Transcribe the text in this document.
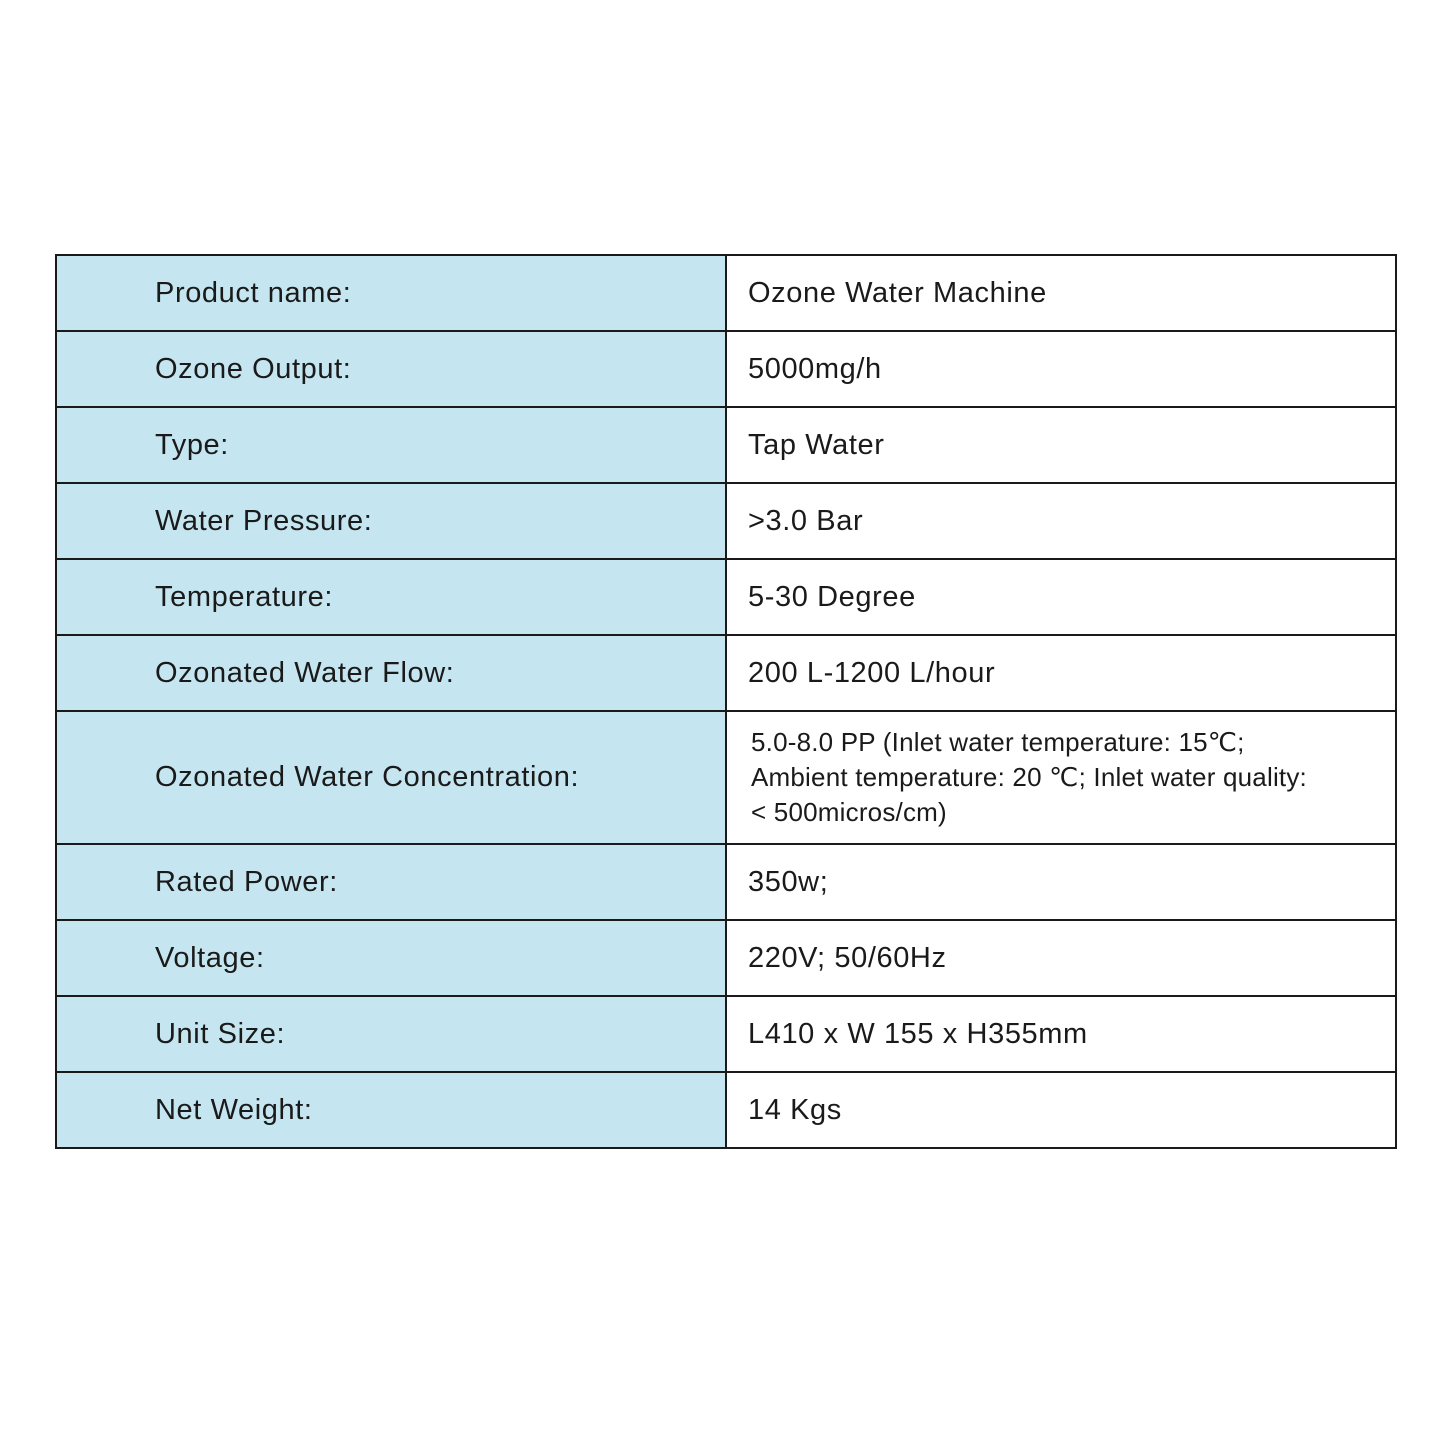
Product name:	Ozone Water Machine
Ozone Output:	5000mg/h
Type:	Tap Water
Water Pressure:	>3.0 Bar
Temperature:	5-30 Degree
Ozonated Water Flow:	200 L-1200 L/hour
Ozonated Water Concentration:	5.0-8.0 PP (Inlet water temperature: 15℃;
Ambient temperature: 20 ℃; Inlet water quality:
< 500micros/cm)

Rated Power:	350w;
Voltage:	220V; 50/60Hz
Unit Size:	L410 x W 155 x H355mm
Net Weight:	14 Kgs
